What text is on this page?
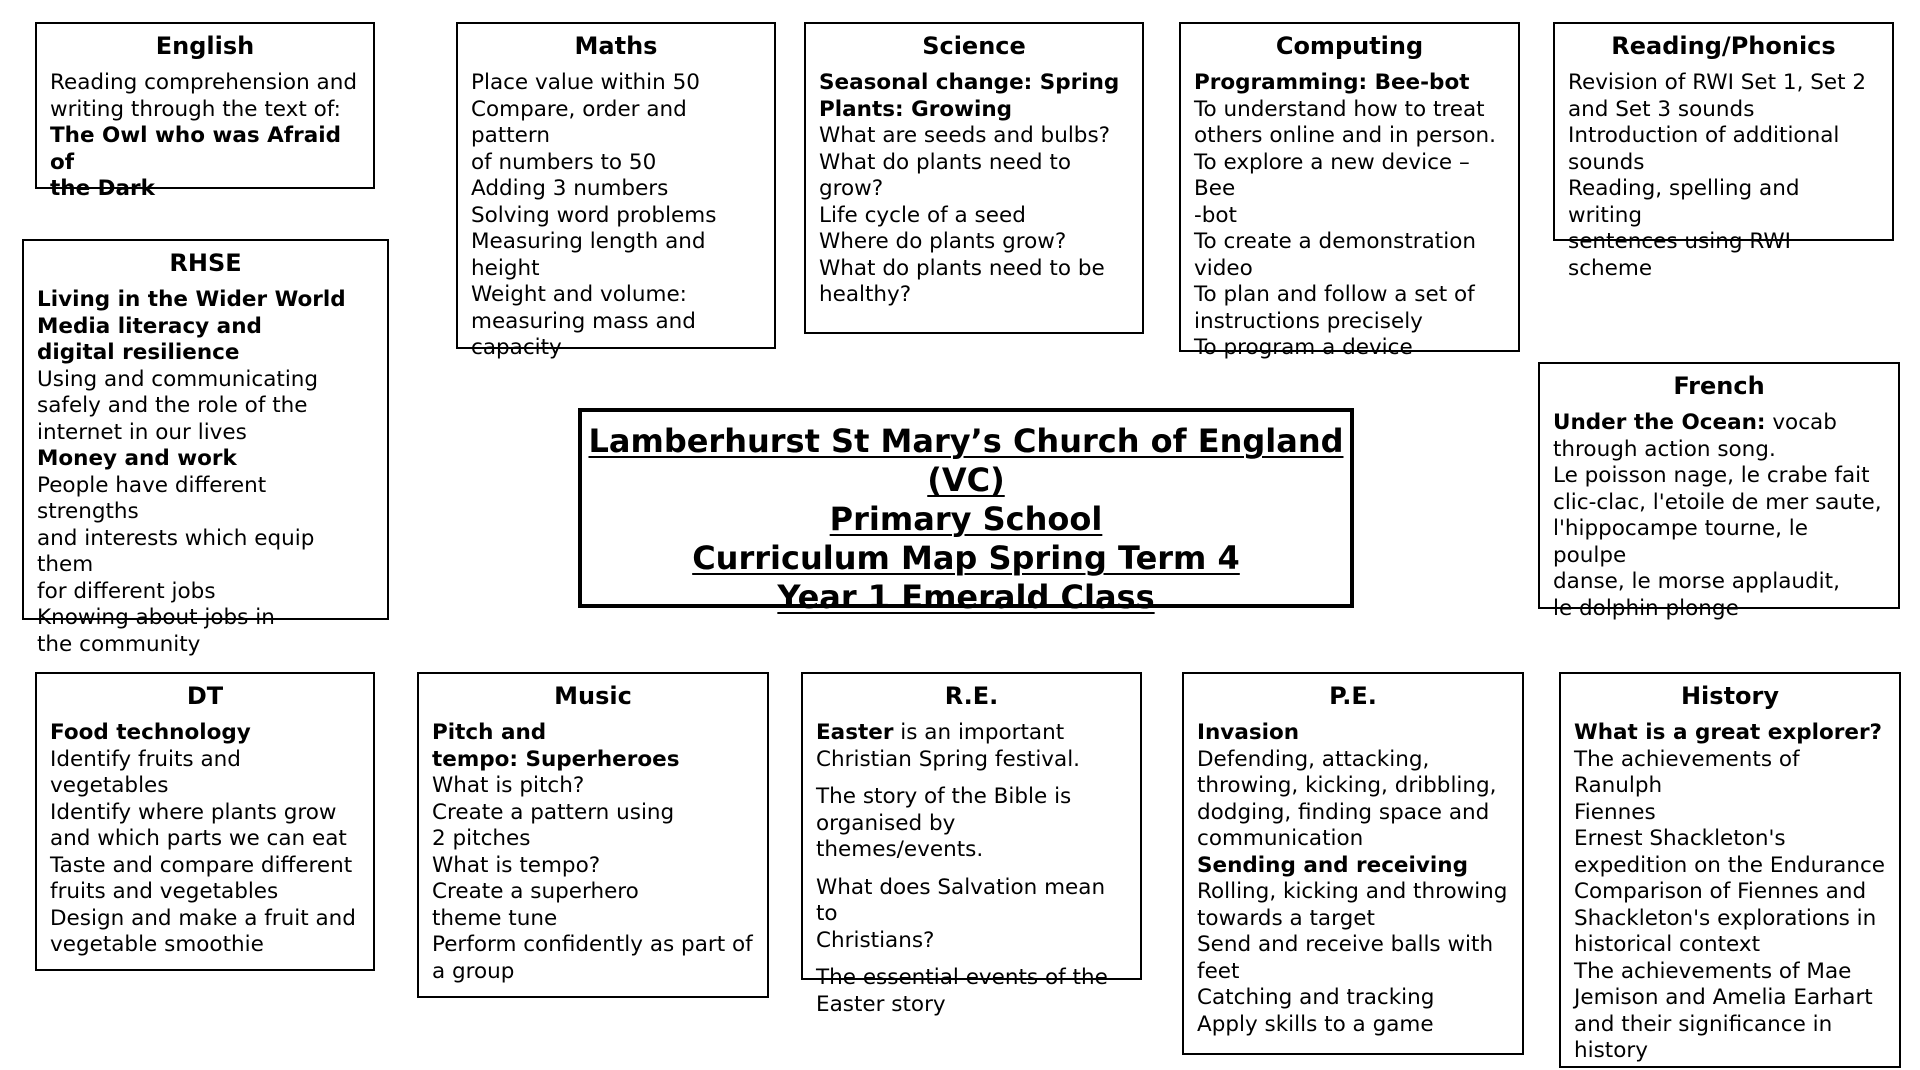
Lamberhurst St Mary’s Church of England (VC)
Primary School
Curriculum Map Spring Term 4
Year 1 Emerald Class
English
Reading comprehension and
writing through the text of:
The Owl who was Afraid of
the Dark
Maths
Place value within 50
Compare, order and pattern
of numbers to 50
Adding 3 numbers
Solving word problems
Measuring length and
height
Weight and volume:
measuring mass and
capacity
Science
Seasonal change: Spring
Plants: Growing
What are seeds and bulbs?
What do plants need to
grow?
Life cycle of a seed
Where do plants grow?
What do plants need to be
healthy?
Computing
Programming: Bee-bot
To understand how to treat
others online and in person.
To explore a new device – Bee
-bot
To create a demonstration
video
To plan and follow a set of
instructions precisely
To program a device
Reading/Phonics
Revision of RWI Set 1, Set 2
and Set 3 sounds
Introduction of additional
sounds
Reading, spelling and writing
sentences using RWI scheme
RHSE
Living in the Wider World
Media literacy and
digital resilience
Using and communicating
safely and the role of the
internet in our lives
Money and work
People have different strengths
and interests which equip them
for different jobs
Knowing about jobs in
the community
French
Under the Ocean: vocab
through action song.
Le poisson nage, le crabe fait
clic-clac, l'etoile de mer saute,
l'hippocampe tourne, le poulpe
danse, le morse applaudit,
le dolphin plonge
DT
Food technology
Identify fruits and
vegetables
Identify where plants grow
and which parts we can eat
Taste and compare different
fruits and vegetables
Design and make a fruit and
vegetable smoothie
Music
Pitch and
tempo: Superheroes
What is pitch?
Create a pattern using
2 pitches
What is tempo?
Create a superhero
theme tune
Perform confidently as part of
a group
R.E.
Easter is an important
Christian Spring festival.
The story of the Bible is
organised by themes/events.
What does Salvation mean to
Christians?
The essential events of the
Easter story
P.E.
Invasion
Defending, attacking,
throwing, kicking, dribbling,
dodging, finding space and
communication
Sending and receiving
Rolling, kicking and throwing
towards a target
Send and receive balls with
feet
Catching and tracking
Apply skills to a game
History
What is a great explorer?
The achievements of Ranulph
Fiennes
Ernest Shackleton's
expedition on the Endurance
Comparison of Fiennes and
Shackleton's explorations in
historical context
The achievements of Mae
Jemison and Amelia Earhart
and their significance in
history
